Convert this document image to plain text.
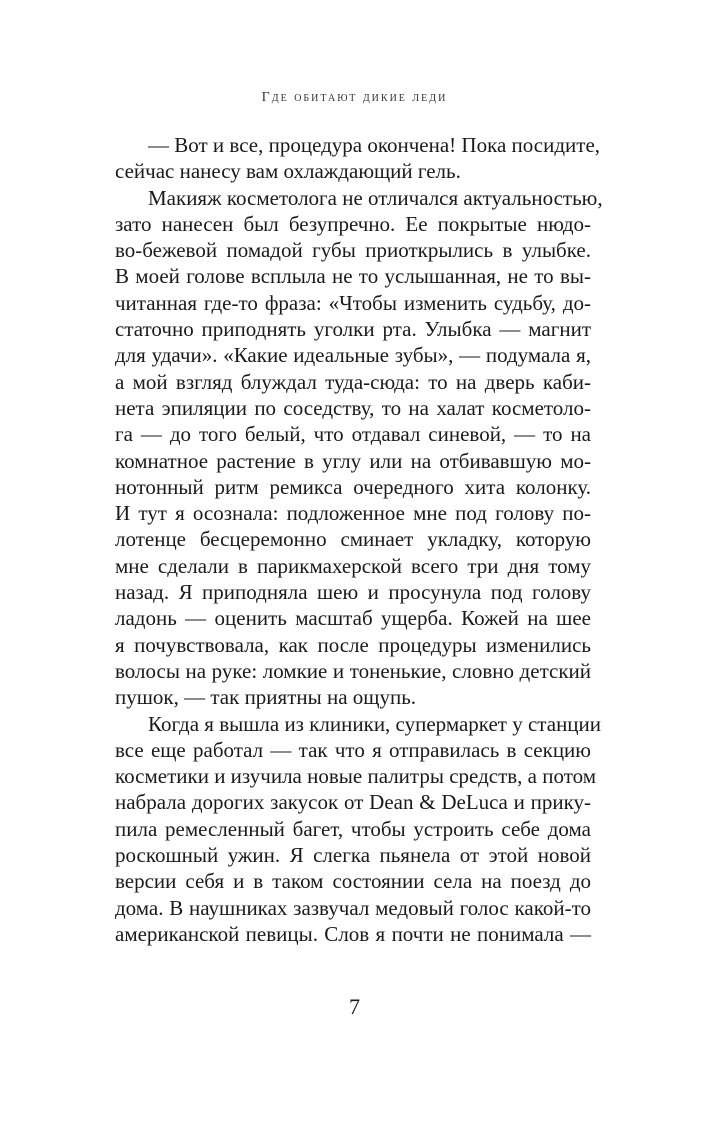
Где обитают дикие леди
— Вот и все, процедура окончена! Пока посидите,
сейчас нанесу вам охлаждающий гель.
Макияж косметолога не отличался актуальностью,
зато нанесен был безупречно. Ее покрытые нюдо-
во-бежевой помадой губы приоткрылись в улыбке.
В моей голове всплыла не то услышанная, не то вы-
читанная где-то фраза: «Чтобы изменить судьбу, до-
статочно приподнять уголки рта. Улыбка — магнит
для удачи». «Какие идеальные зубы», — подумала я,
а мой взгляд блуждал туда-сюда: то на дверь каби-
нета эпиляции по соседству, то на халат косметоло-
га — до того белый, что отдавал синевой, — то на
комнатное растение в углу или на отбивавшую мо-
нотонный ритм ремикса очередного хита колонку.
И тут я осознала: подложенное мне под голову по-
лотенце бесцеремонно сминает укладку, которую
мне сделали в парикмахерской всего три дня тому
назад. Я приподняла шею и просунула под голову
ладонь — оценить масштаб ущерба. Кожей на шее
я почувствовала, как после процедуры изменились
волосы на руке: ломкие и тоненькие, словно детский
пушок, — так приятны на ощупь.
Когда я вышла из клиники, супермаркет у станции
все еще работал — так что я отправилась в секцию
косметики и изучила новые палитры средств, а потом
набрала дорогих закусок от Dean & DeLuca и прику-
пила ремесленный багет, чтобы устроить себе дома
роскошный ужин. Я слегка пьянела от этой новой
версии себя и в таком состоянии села на поезд до
дома. В наушниках зазвучал медовый голос какой-то
американской певицы. Слов я почти не понимала —
7
